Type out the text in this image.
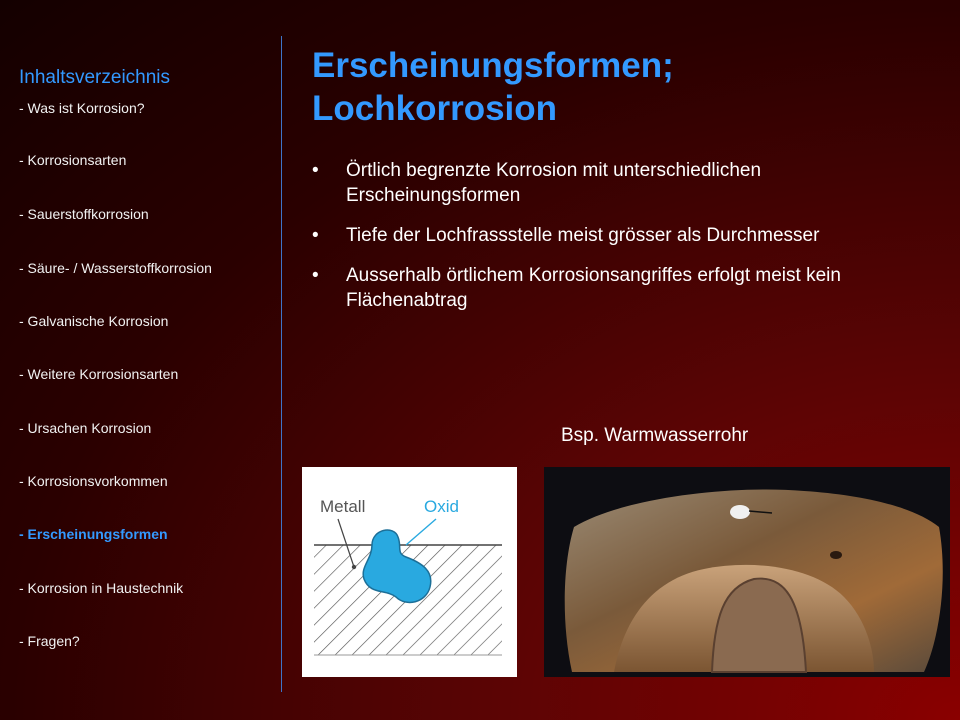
Inhaltsverzeichnis
- Was ist Korrosion?
- Korrosionsarten
- Sauerstoffkorrosion
- Säure- / Wasserstoffkorrosion
- Galvanische Korrosion
- Weitere Korrosionsarten
- Ursachen Korrosion
- Korrosionsvorkommen
- Erscheinungsformen
- Korrosion in Haustechnik
- Fragen?
Erscheinungsformen;
Lochkorrosion
• Örtlich begrenzte Korrosion mit unterschiedlichen Erscheinungsformen
• Tiefe der Lochfrassstelle meist grösser als Durchmesser
• Ausserhalb örtlichem Korrosionsangriffes erfolgt meist kein Flächenabtrag
Bsp. Warmwasserrohr
Metall	Oxid
